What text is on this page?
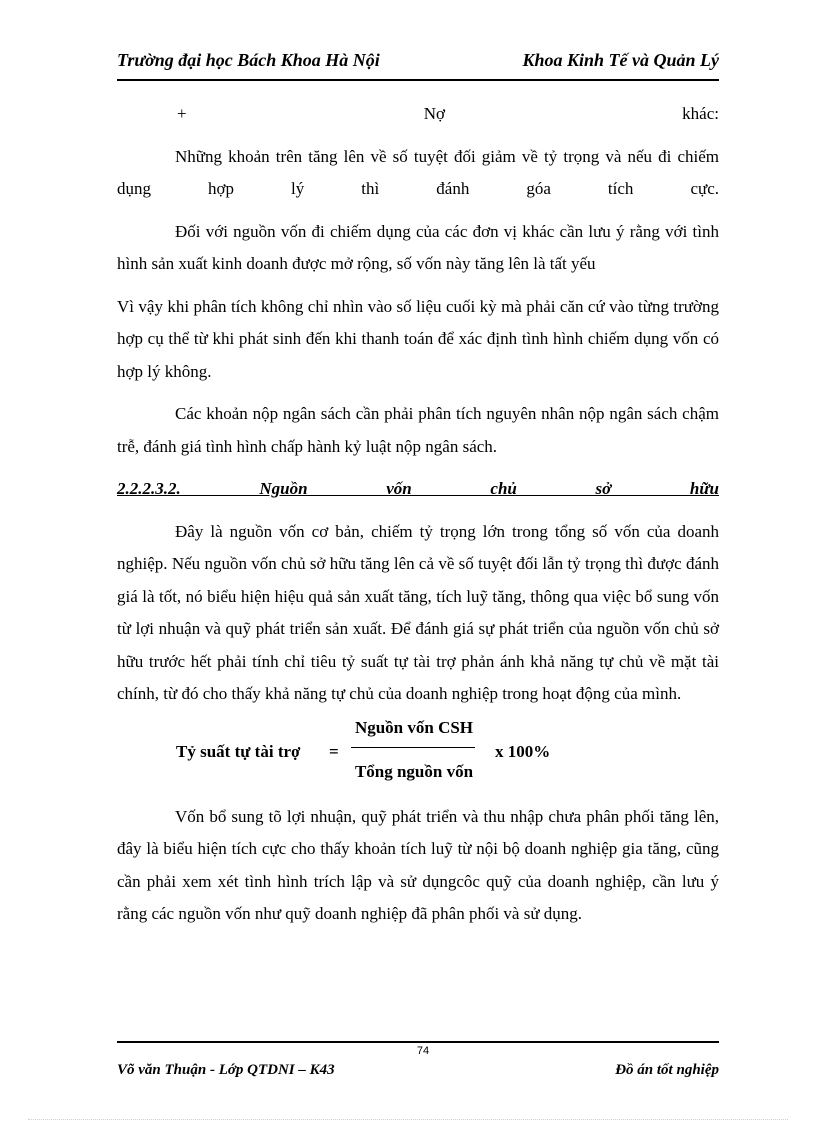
Trường đại học Bách Khoa Hà Nội	Khoa Kinh Tế và Quản Lý

+ Nợ khác:

Những khoản trên tăng lên về số tuyệt đối giảm về tỷ trọng và nếu đi chiếm dụng hợp lý thì đánh góa tích cực.

Đối với nguồn vốn đi chiếm dụng của các đơn vị khác cần lưu ý rằng với tình hình sản xuất kinh doanh được mở rộng, số vốn này tăng lên là tất yếu

Vì vậy khi phân tích không chỉ nhìn vào số liệu cuối kỳ mà phải căn cứ vào từng trường hợp cụ thể từ khi phát sinh đến khi thanh toán để xác định tình hình chiếm dụng vốn có hợp lý không.

Các khoản nộp ngân sách cần phải phân tích nguyên nhân nộp ngân sách chậm trễ, đánh giá tình hình chấp hành kỷ luật nộp ngân sách.

2.2.2.3.2. Nguồn vốn chủ sở hữu

Đây là nguồn vốn cơ bản, chiếm tỷ trọng lớn trong tổng số vốn của doanh nghiệp. Nếu nguồn vốn chủ sở hữu tăng lên cả về số tuyệt đối lẫn tỷ trọng thì được đánh giá là tốt, nó biểu hiện hiệu quả sản xuất tăng, tích luỹ tăng, thông qua việc bổ sung vốn từ lợi nhuận và quỹ phát triển sản xuất. Để đánh giá sự phát triển của nguồn vốn chủ sở hữu trước hết phải tính chỉ tiêu tỷ suất tự tài trợ phản ánh khả năng tự chủ về mặt tài chính, từ đó cho thấy khả năng tự chủ của doanh nghiệp trong hoạt động của mình.

Tỷ suất tự tài trợ =
Nguồn vốn CSH
Tổng nguồn vốn
x 100%

Vốn bổ sung tõ lợi nhuận, quỹ phát triển và thu nhập chưa phân phối tăng lên, đây là biểu hiện tích cực cho thấy khoản tích luỹ từ nội bộ doanh nghiệp gia tăng, cũng cần phải xem xét tình hình trích lập và sử dụngcôc quỹ của doanh nghiệp, cần lưu ý rằng các nguồn vốn như quỹ doanh nghiệp đã phân phối và sử dụng.

74
Võ văn Thuận - Lớp QTDNI – K43	Đồ án tốt nghiệp
